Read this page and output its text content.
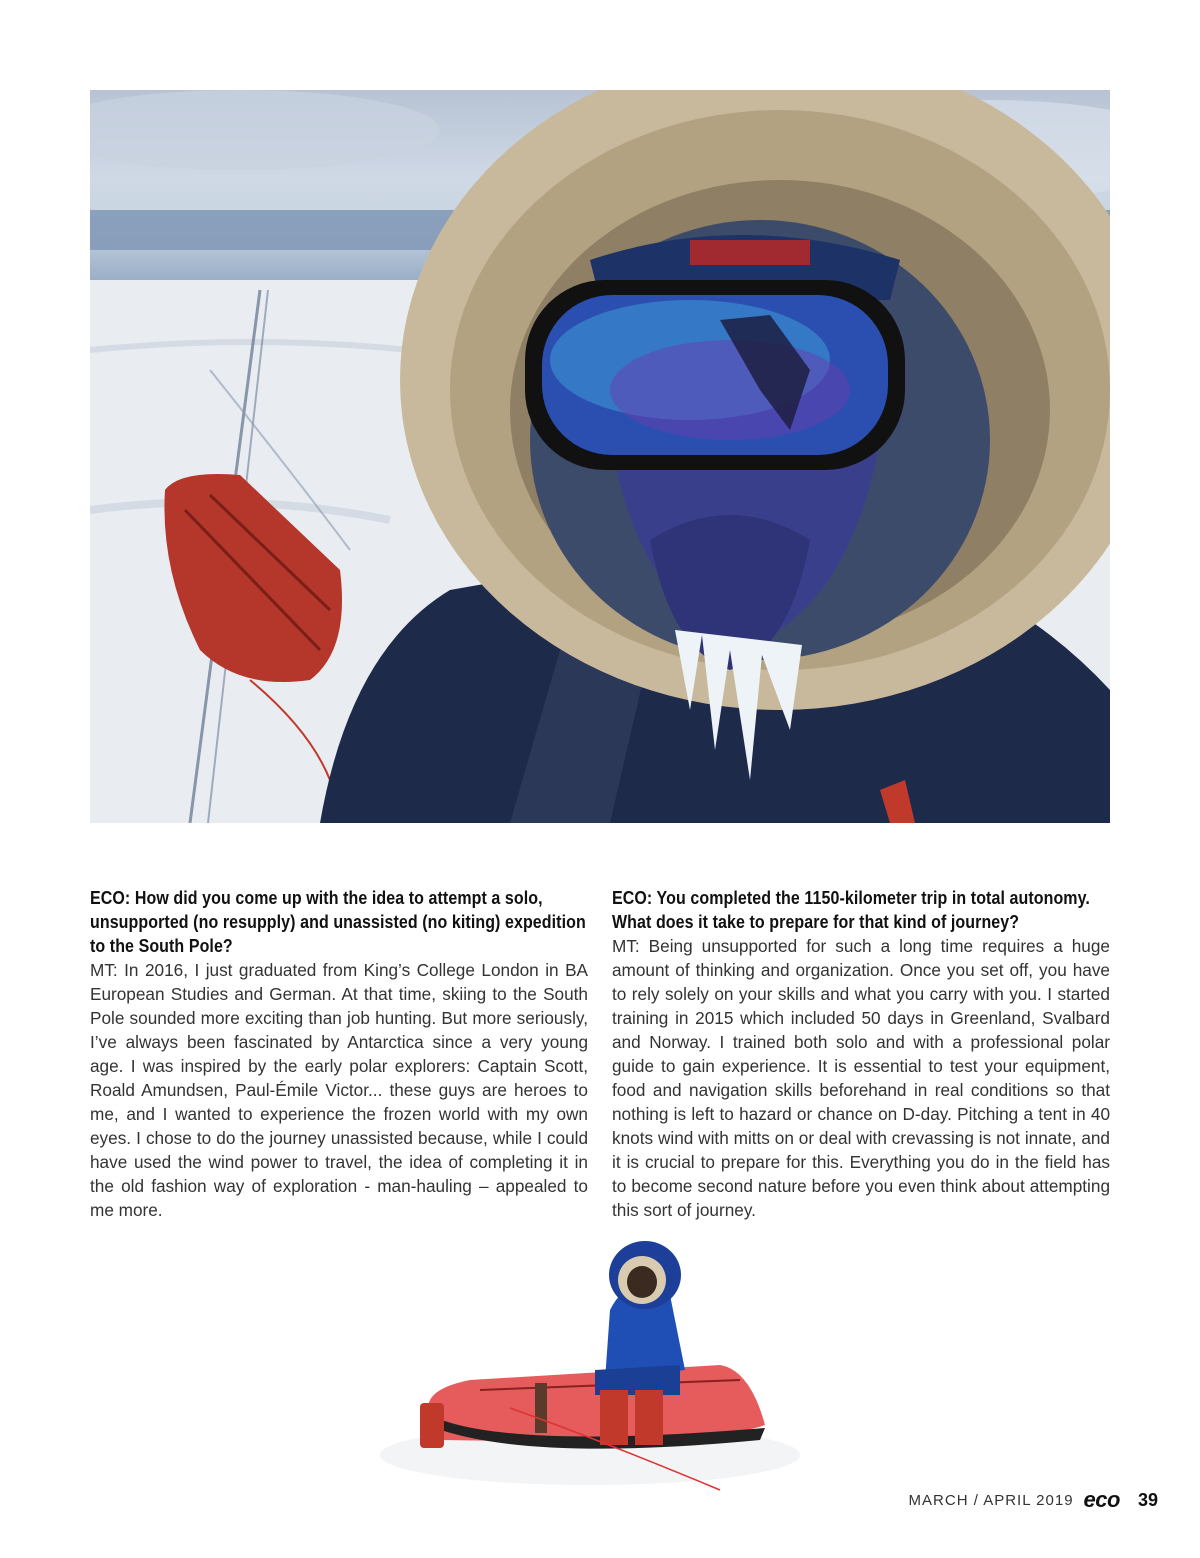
ECO: How did you come up with the idea to attempt a solo, unsupported (no resupply) and unassisted (no kiting) expedition to the South Pole?

MT: In 2016, I just graduated from King’s College London in BA European Studies and German. At that time, skiing to the South Pole sounded more exciting than job hunting. But more seriously, I’ve always been fascinated by Antarctica since a very young age. I was inspired by the early polar explorers: Captain Scott, Roald Amundsen, Paul-Émile Victor... these guys are heroes to me, and I wanted to experience the frozen world with my own eyes. I chose to do the journey unassisted because, while I could have used the wind power to travel, the idea of completing it in the old fashion way of exploration - man-hauling – appealed to me more.

ECO: You completed the 1150-kilometer trip in total autonomy. What does it take to prepare for that kind of journey?

MT: Being unsupported for such a long time requires a huge amount of thinking and organization. Once you set off, you have to rely solely on your skills and what you carry with you. I started training in 2015 which included 50 days in Greenland, Svalbard and Norway. I trained both solo and with a professional polar guide to gain experience. It is essential to test your equipment, food and navigation skills beforehand in real conditions so that nothing is left to hazard or chance on D-day. Pitching a tent in 40 knots wind with mitts on or deal with crevassing is not innate, and it is crucial to prepare for this. Everything you do in the field has to become second nature before you even think about attempting this sort of journey.

MARCH / APRIL 2019 eco 39
